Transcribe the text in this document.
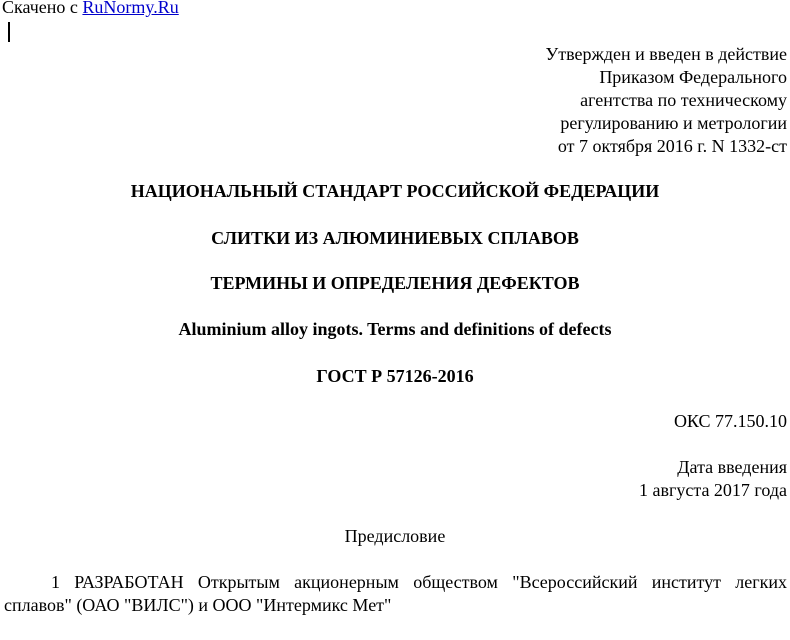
Скачено с RuNormy.Ru
Утвержден и введен в действие
Приказом Федерального
агентства по техническому
регулированию и метрологии
от 7 октября 2016 г. N 1332-ст
НАЦИОНАЛЬНЫЙ СТАНДАРТ РОССИЙСКОЙ ФЕДЕРАЦИИ
СЛИТКИ ИЗ АЛЮМИНИЕВЫХ СПЛАВОВ
ТЕРМИНЫ И ОПРЕДЕЛЕНИЯ ДЕФЕКТОВ
Aluminium alloy ingots. Terms and definitions of defects
ГОСТ Р 57126-2016
ОКС 77.150.10
Дата введения
1 августа 2017 года
Предисловие
1 РАЗРАБОТАН Открытым акционерным обществом "Всероссийский институт легких сплавов" (ОАО "ВИЛС") и ООО "Интермикс Мет"
